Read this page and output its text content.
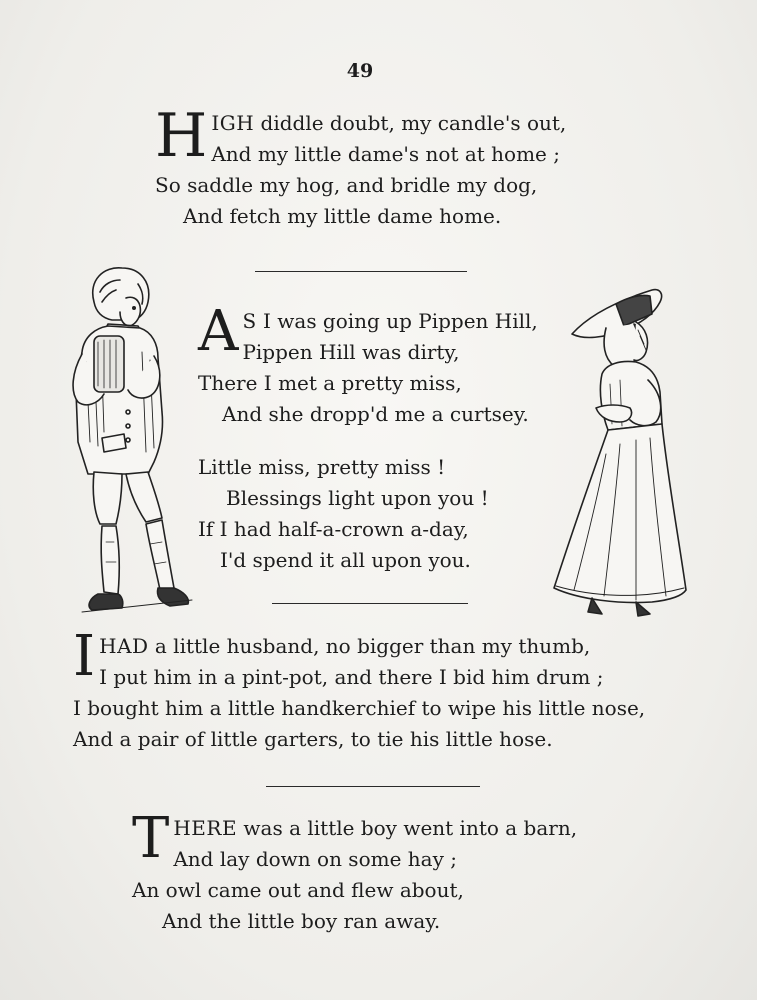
49
H IGH diddle doubt, my candle's out,
And my little dame's not at home ;
So saddle my hog, and bridle my dog,
And fetch my little dame home.
A S I was going up Pippen Hill,
Pippen Hill was dirty,
There I met a pretty miss,
And she dropp'd me a curtsey.
Little miss, pretty miss !
Blessings light upon you !
If I had half-a-crown a-day,
I'd spend it all upon you.
I HAD a little husband, no bigger than my thumb,
I put him in a pint-pot, and there I bid him drum ;
I bought him a little handkerchief to wipe his little nose,
And a pair of little garters, to tie his little hose.
T HERE was a little boy went into a barn,
And lay down on some hay ;
An owl came out and flew about,
And the little boy ran away.
